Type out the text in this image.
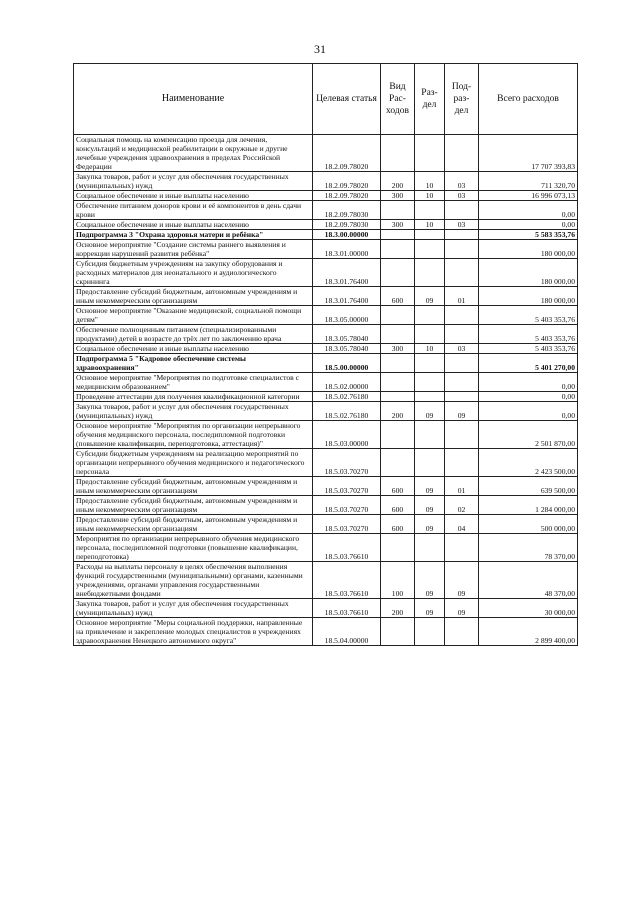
31
Наименование	Целевая статья	Вид Рас-ходов	Раз-дел	Под-раз-дел	Всего расходов
Социальная помощь на компенсацию проезда для лечения, консультаций и медицинской реабилитации в окружные и другие лечебные учреждения здравоохранения в пределах Российской Федерации	18.2.09.78020				17 707 393,83
Закупка товаров, работ и услуг для обеспечения государственных (муниципальных) нужд	18.2.09.78020	200	10	03	711 320,70
Социальное обеспечение и иные выплаты населению	18.2.09.78020	300	10	03	16 996 073,13
Обеспечение питанием доноров крови и её компонентов в день сдачи крови	18.2.09.78030				0,00
Социальное обеспечение и иные выплаты населению	18.2.09.78030	300	10	03	0,00
Подпрограмма 3 "Охрана здоровья матери и ребёнка"	18.3.00.00000				5 583 353,76
Основное мероприятие "Создание системы раннего выявления и коррекции нарушений развития ребёнка"	18.3.01.00000				180 000,00
Субсидия бюджетным учреждениям на закупку оборудования и расходных материалов для неонатального и аудиологического скрининга	18.3.01.76400				180 000,00
Предоставление субсидий бюджетным, автономным учреждениям и иным некоммерческим организациям	18.3.01.76400	600	09	01	180 000,00
Основное мероприятие "Оказание медицинской, социальной помощи детям"	18.3.05.00000				5 403 353,76
Обеспечение полноценным питанием (специализированными продуктами) детей в возрасте до трёх лет по заключению врача	18.3.05.78040				5 403 353,76
Социальное обеспечение и иные выплаты населению	18.3.05.78040	300	10	03	5 403 353,76
Подпрограмма 5 "Кадровое обеспечение системы здравоохранения"	18.5.00.00000				5 401 270,00
Основное мероприятие "Мероприятия по подготовке специалистов с медицинским образованием"	18.5.02.00000				0,00
Проведение аттестации для получения квалификационной категории	18.5.02.76180				0,00
Закупка товаров, работ и услуг для обеспечения государственных (муниципальных) нужд	18.5.02.76180	200	09	09	0,00
Основное мероприятие "Мероприятия по организации непрерывного обучения медицинского персонала, последипломной подготовки (повышение квалификации, переподготовка, аттестация)"	18.5.03.00000				2 501 870,00
Субсидии бюджетным учреждениям на реализацию мероприятий по организации непрерывного обучения медицинского и педагогического персонала	18.5.03.70270				2 423 500,00
Предоставление субсидий бюджетным, автономным учреждениям и иным некоммерческим организациям	18.5.03.70270	600	09	01	639 500,00
Предоставление субсидий бюджетным, автономным учреждениям и иным некоммерческим организациям	18.5.03.70270	600	09	02	1 284 000,00
Предоставление субсидий бюджетным, автономным учреждениям и иным некоммерческим организациям	18.5.03.70270	600	09	04	500 000,00
Мероприятия по организации непрерывного обучения медицинского персонала, последипломной подготовки (повышение квалификации, переподготовка)	18.5.03.76610				78 370,00
Расходы на выплаты персоналу в целях обеспечения выполнения функций государственными (муниципальными) органами, казенными учреждениями, органами управления государственными внебюджетными фондами	18.5.03.76610	100	09	09	48 370,00
Закупка товаров, работ и услуг для обеспечения государственных (муниципальных) нужд	18.5.03.76610	200	09	09	30 000,00
Основное мероприятие "Меры социальной поддержки, направленные на привлечение и закрепление молодых специалистов в учреждениях здравоохранения Ненецкого автономного округа"	18.5.04.00000				2 899 400,00
